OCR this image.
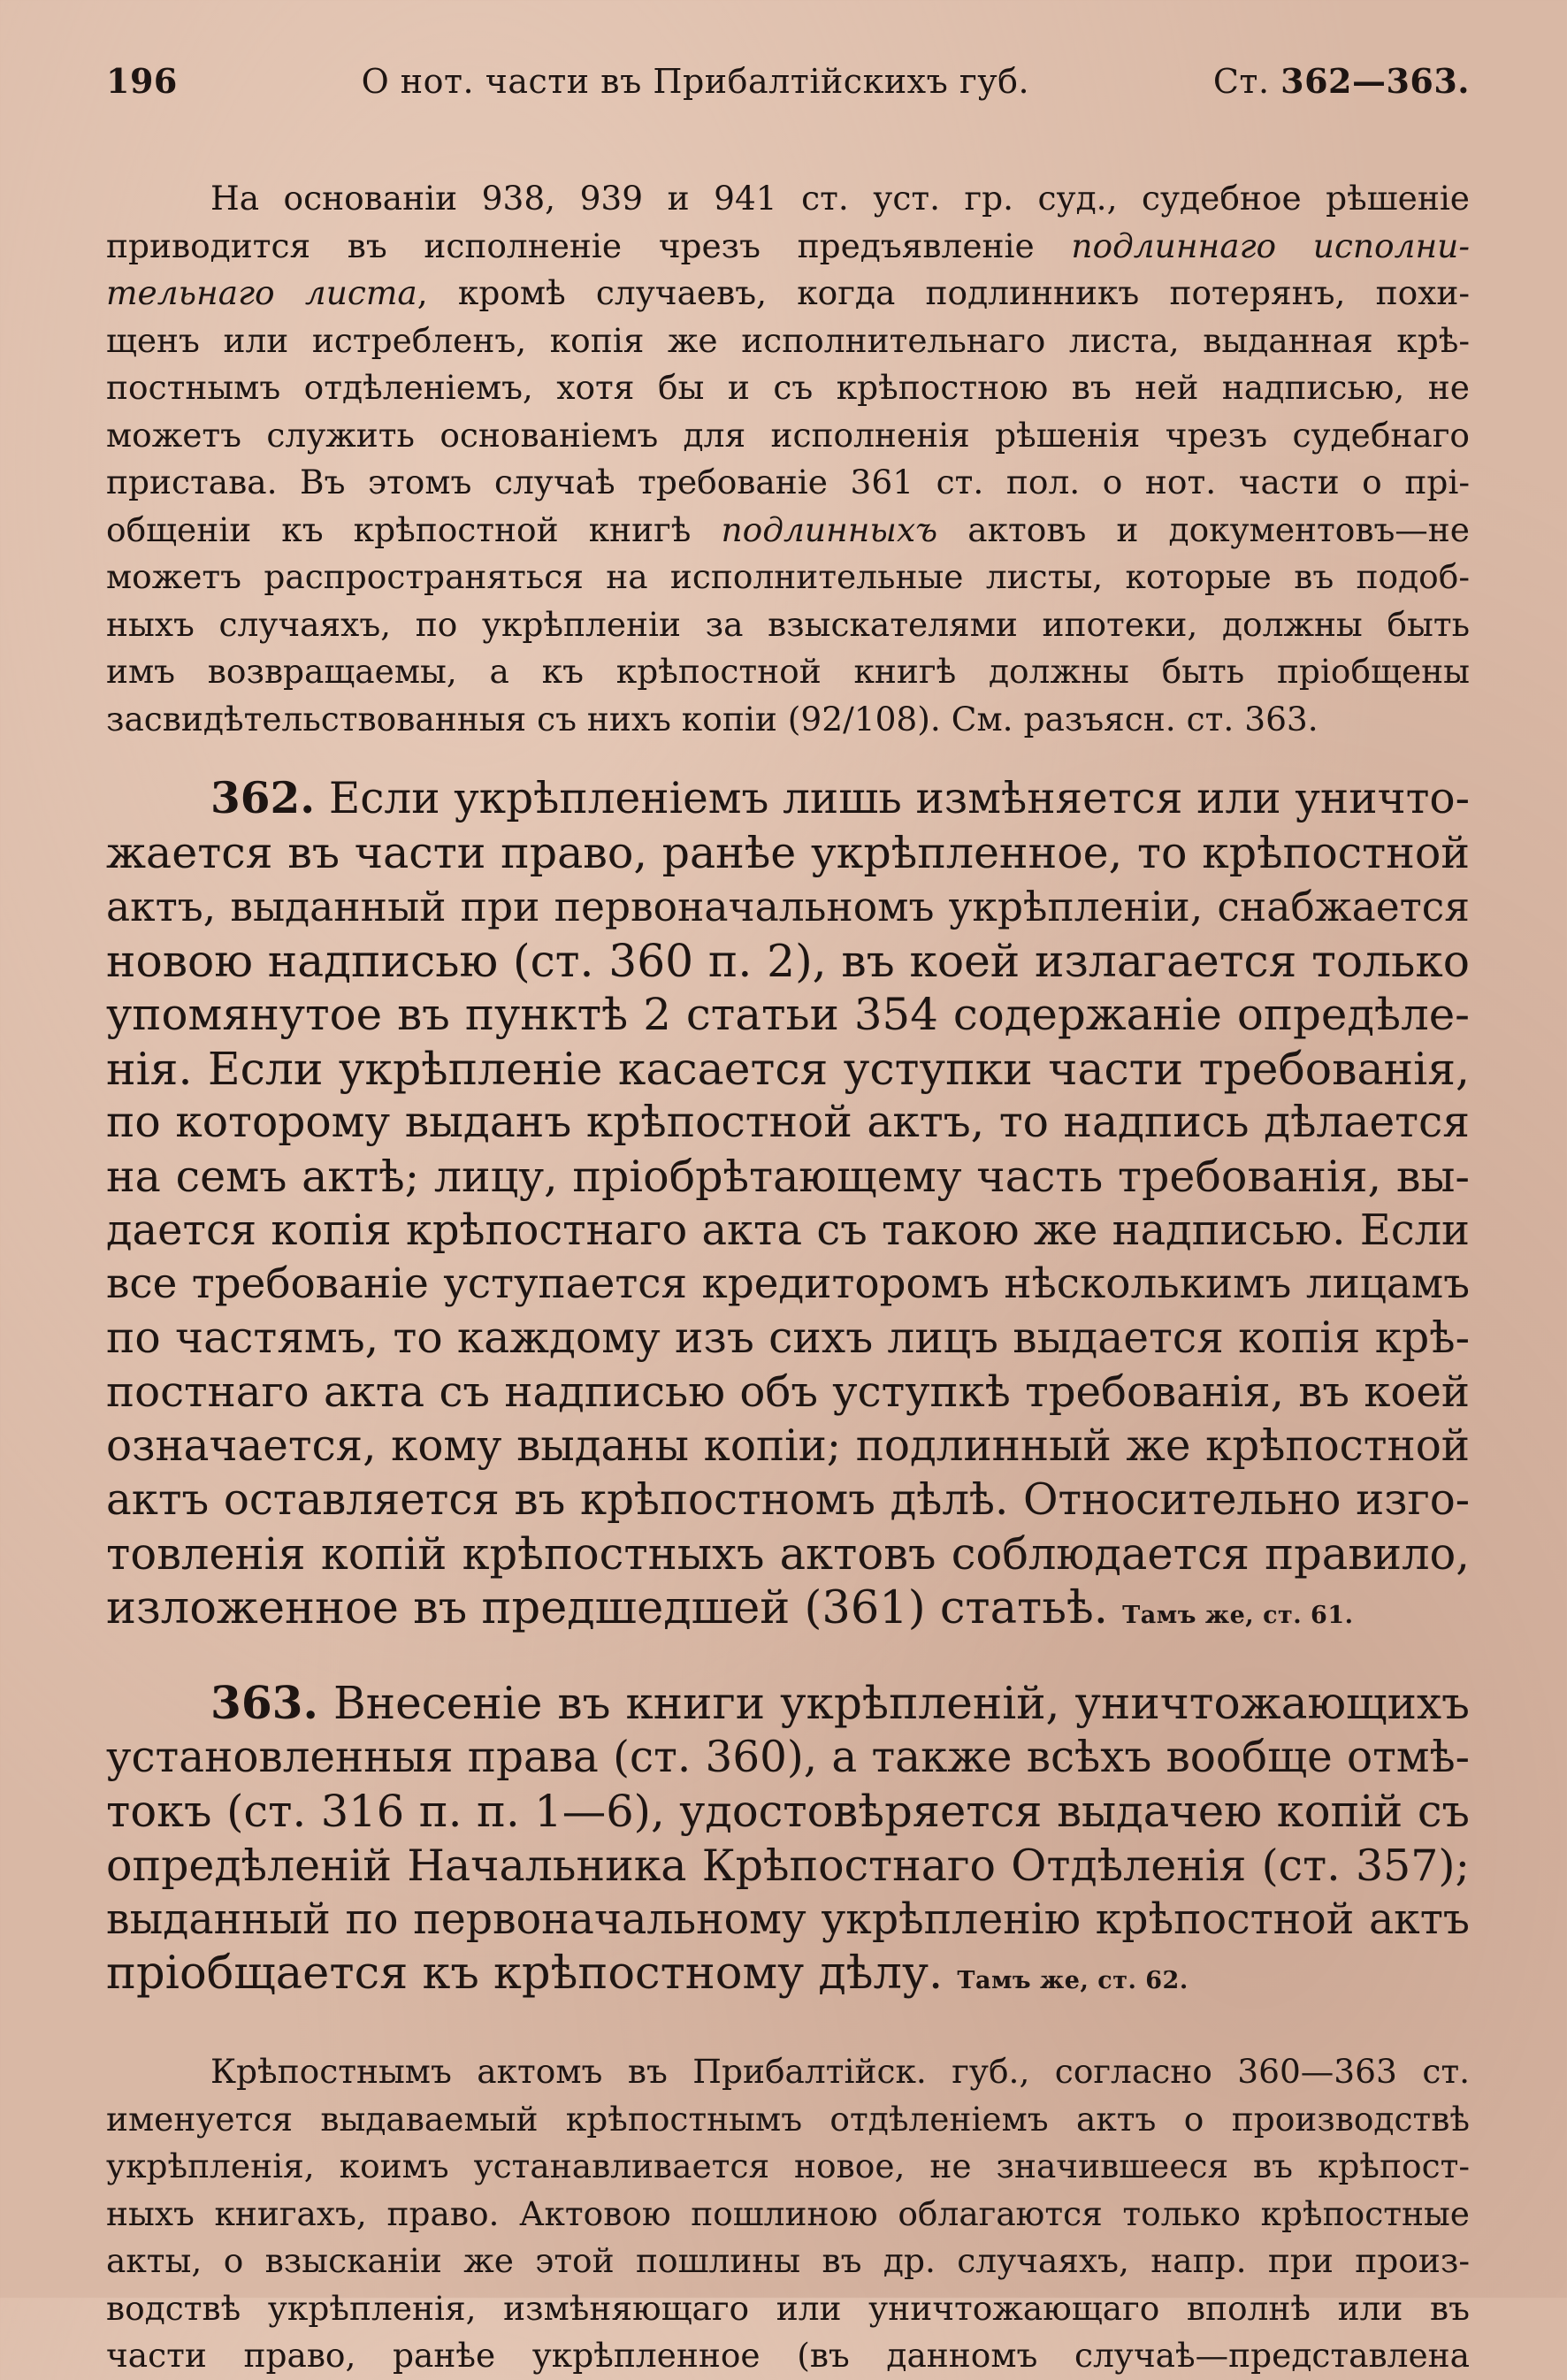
196	О нот. части въ Прибалтiйскихъ губ.	Ст. 362—363.
На основанiи 938, 939 и 941 ст. уст. гр. суд., судебное рѣшенiе
приводится въ исполненiе чрезъ предъявленiе подлиннаго исполни-
тельнаго листа, кромѣ случаевъ, когда подлинникъ потерянъ, похи-
щенъ или истребленъ, копiя же исполнительнаго листа, выданная крѣ-
постнымъ отдѣленiемъ, хотя бы и съ крѣпостною въ ней надписью, не
можетъ служить основанiемъ для исполненiя рѣшенiя чрезъ судебнаго
пристава. Въ этомъ случаѣ требованiе 361 ст. пол. о нот. части о прi-
общенiи къ крѣпостной книгѣ подлинныхъ актовъ и документовъ—не
можетъ распространяться на исполнительные листы, которые въ подоб-
ныхъ случаяхъ, по укрѣпленiи за взыскателями ипотеки, должны быть
имъ возвращаемы, а къ крѣпостной книгѣ должны быть прiобщены
засвидѣтельствованныя съ нихъ копiи (92/108). См. разъясн. ст. 363.
362. Если укрѣпленiемъ лишь измѣняется или уничто-
жается въ части право, ранѣе укрѣпленное, то крѣпостной
актъ, выданный при первоначальномъ укрѣпленiи, снабжается
новою надписью (ст. 360 п. 2), въ коей излагается только
упомянутое въ пунктѣ 2 статьи 354 содержанiе опредѣле-
нiя. Если укрѣпленiе касается уступки части требованiя,
по которому выданъ крѣпостной актъ, то надпись дѣлается
на семъ актѣ; лицу, прiобрѣтающему часть требованiя, вы-
дается копiя крѣпостнаго акта съ такою же надписью. Если
все требованiе уступается кредиторомъ нѣсколькимъ лицамъ
по частямъ, то каждому изъ сихъ лицъ выдается копiя крѣ-
постнаго акта съ надписью объ уступкѣ требованiя, въ коей
означается, кому выданы копiи; подлинный же крѣпостной
актъ оставляется въ крѣпостномъ дѣлѣ. Относительно изго-
товленiя копiй крѣпостныхъ актовъ соблюдается правило,
изложенное въ предшедшей (361) статьѣ. Тамъ же, ст. 61.
363. Внесенiе въ книги укрѣпленiй, уничтожающихъ
установленныя права (ст. 360), а также всѣхъ вообще отмѣ-
токъ (ст. 316 п. п. 1—6), удостовѣряется выдачею копiй съ
опредѣленiй Начальника Крѣпостнаго Отдѣленiя (ст. 357);
выданный по первоначальному укрѣпленiю крѣпостной актъ
прiобщается къ крѣпостному дѣлу. Тамъ же, ст. 62.
Крѣпостнымъ актомъ въ Прибалтiйск. губ., согласно 360—363 ст.
именуется выдаваемый крѣпостнымъ отдѣленiемъ актъ о производствѣ
укрѣпленiя, коимъ устанавливается новое, не значившееся въ крѣпост-
ныхъ книгахъ, право. Актовою пошлиною облагаются только крѣпостные
акты, о взысканiи же этой пошлины въ др. случаяхъ, напр. при произ-
водствѣ укрѣпленiя, измѣняющаго или уничтожающаго вполнѣ или въ
части право, ранѣе укрѣпленное (въ данномъ случаѣ—представлена
